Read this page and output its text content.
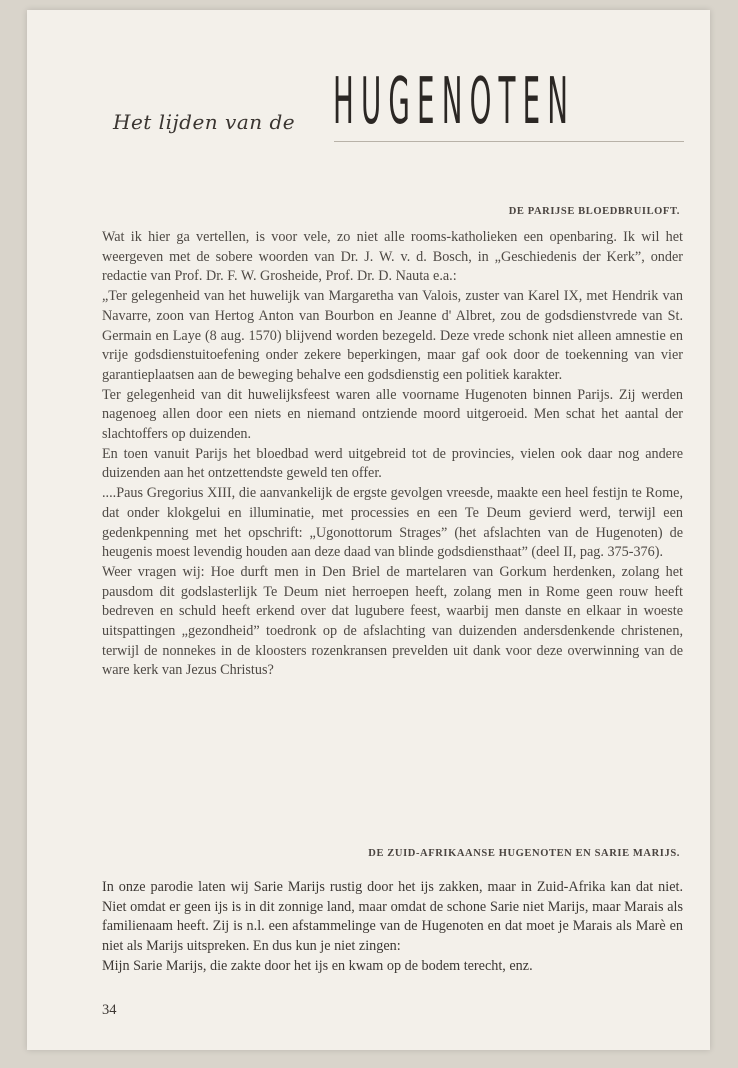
Het lijden van de HUGENOTEN
DE PARIJSE BLOEDBRUILOFT.

Wat ik hier ga vertellen, is voor vele, zo niet alle rooms-katholieken een openbaring. Ik wil het weergeven met de sobere woorden van Dr. J. W. v. d. Bosch, in „Geschiedenis der Kerk”, onder redactie van Prof. Dr. F. W. Grosheide, Prof. Dr. D. Nauta e.a.:

„Ter gelegenheid van het huwelijk van Margaretha van Valois, zuster van Karel IX, met Hendrik van Navarre, zoon van Hertog Anton van Bourbon en Jeanne d' Albret, zou de godsdienstvrede van St. Germain en Laye (8 aug. 1570) blijvend worden bezegeld. Deze vrede schonk niet alleen amnestie en vrije godsdienstuitoefening onder zekere beperkingen, maar gaf ook door de toekenning van vier garantieplaatsen aan de beweging behalve een godsdienstig een politiek karakter.

Ter gelegenheid van dit huwelijksfeest waren alle voorname Hugenoten binnen Parijs. Zij werden nagenoeg allen door een niets en niemand ontziende moord uitgeroeid. Men schat het aantal der slachtoffers op duizenden.

En toen vanuit Parijs het bloedbad werd uitgebreid tot de provincies, vielen ook daar nog andere duizenden aan het ontzettendste geweld ten offer.

....Paus Gregorius XIII, die aanvankelijk de ergste gevolgen vreesde, maakte een heel festijn te Rome, dat onder klokgelui en illuminatie, met processies en een Te Deum gevierd werd, terwijl een gedenkpenning met het opschrift: „Ugonottorum Strages” (het afslachten van de Hugenoten) de heugenis moest levendig houden aan deze daad van blinde godsdiensthaat” (deel II, pag. 375-376).

Weer vragen wij: Hoe durft men in Den Briel de martelaren van Gorkum herdenken, zolang het pausdom dit godslasterlijk Te Deum niet herroepen heeft, zolang men in Rome geen rouw heeft bedreven en schuld heeft erkend over dat lugubere feest, waarbij men danste en elkaar in woeste uitspattingen „gezondheid” toedronk op de afslachting van duizenden andersdenkende christenen, terwijl de nonnekes in de kloosters rozenkransen prevelden uit dank voor deze overwinning van de ware kerk van Jezus Christus?

DE ZUID-AFRIKAANSE HUGENOTEN EN SARIE MARIJS.

In onze parodie laten wij Sarie Marijs rustig door het ijs zakken, maar in Zuid-Afrika kan dat niet. Niet omdat er geen ijs is in dit zonnige land, maar omdat de schone Sarie niet Marijs, maar Marais als familienaam heeft. Zij is n.l. een afstammelinge van de Hugenoten en dat moet je Marais als Marè en niet als Marijs uitspreken. En dus kun je niet zingen:

Mijn Sarie Marijs, die zakte door het ijs en kwam op de bodem terecht, enz.

34
